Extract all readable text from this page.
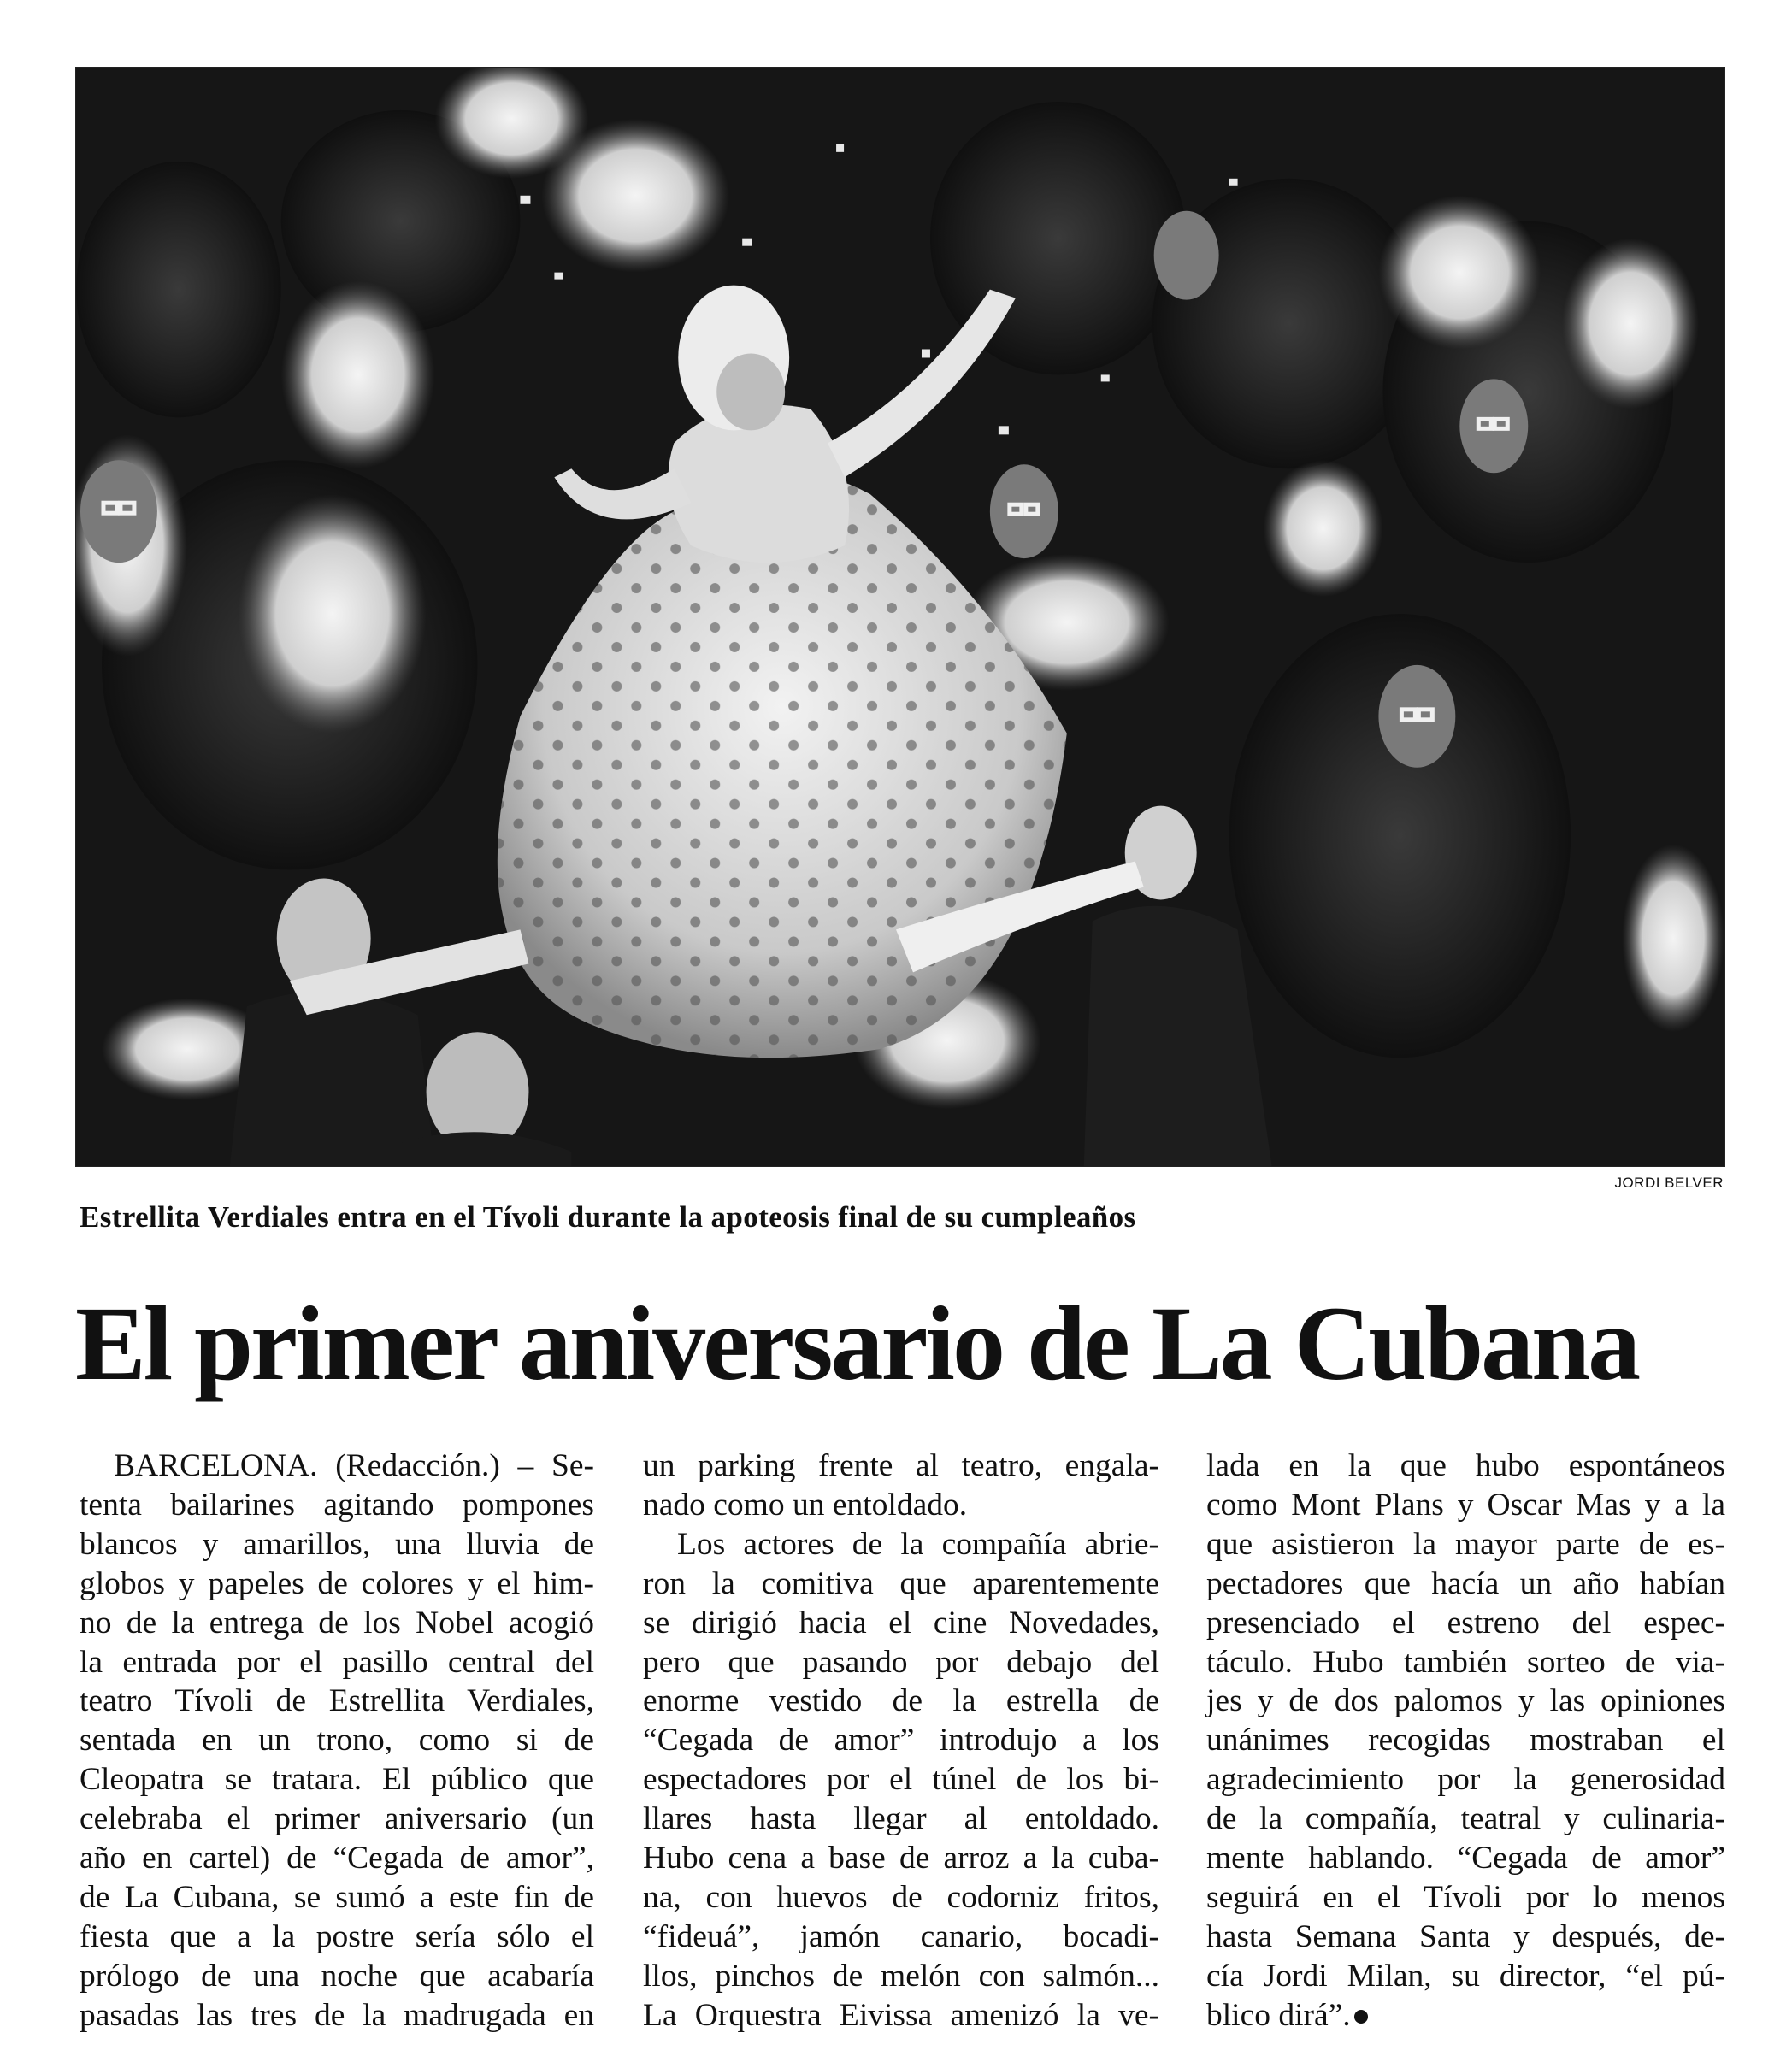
JORDI BELVER
Estrellita Verdiales entra en el Tívoli durante la apoteosis final de su cumpleaños
El primer aniversario de La Cubana

BARCELONA. (Redacción.) – Se-
tenta bailarines agitando pompones
blancos y amarillos, una lluvia de
globos y papeles de colores y el him-
no de la entrega de los Nobel acogió
la entrada por el pasillo central del
teatro Tívoli de Estrellita Verdiales,
sentada en un trono, como si de
Cleopatra se tratara. El público que
celebraba el primer aniversario (un
año en cartel) de “Cegada de amor”,
de La Cubana, se sumó a este fin de
fiesta que a la postre sería sólo el
prólogo de una noche que acabaría
pasadas las tres de la madrugada en

un parking frente al teatro, engala-
nado como un entoldado.
Los actores de la compañía abrie-
ron la comitiva que aparentemente
se dirigió hacia el cine Novedades,
pero que pasando por debajo del
enorme vestido de la estrella de
“Cegada de amor” introdujo a los
espectadores por el túnel de los bi-
llares hasta llegar al entoldado.
Hubo cena a base de arroz a la cuba-
na, con huevos de codorniz fritos,
“fideuá”, jamón canario, bocadi-
llos, pinchos de melón con salmón...
La Orquestra Eivissa amenizó la ve-

lada en la que hubo espontáneos
como Mont Plans y Oscar Mas y a la
que asistieron la mayor parte de es-
pectadores que hacía un año habían
presenciado el estreno del espec-
táculo. Hubo también sorteo de via-
jes y de dos palomos y las opiniones
unánimes recogidas mostraban el
agradecimiento por la generosidad
de la compañía, teatral y culinaria-
mente hablando. “Cegada de amor”
seguirá en el Tívoli por lo menos
hasta Semana Santa y después, de-
cía Jordi Milan, su director, “el pú-
blico dirá”.
